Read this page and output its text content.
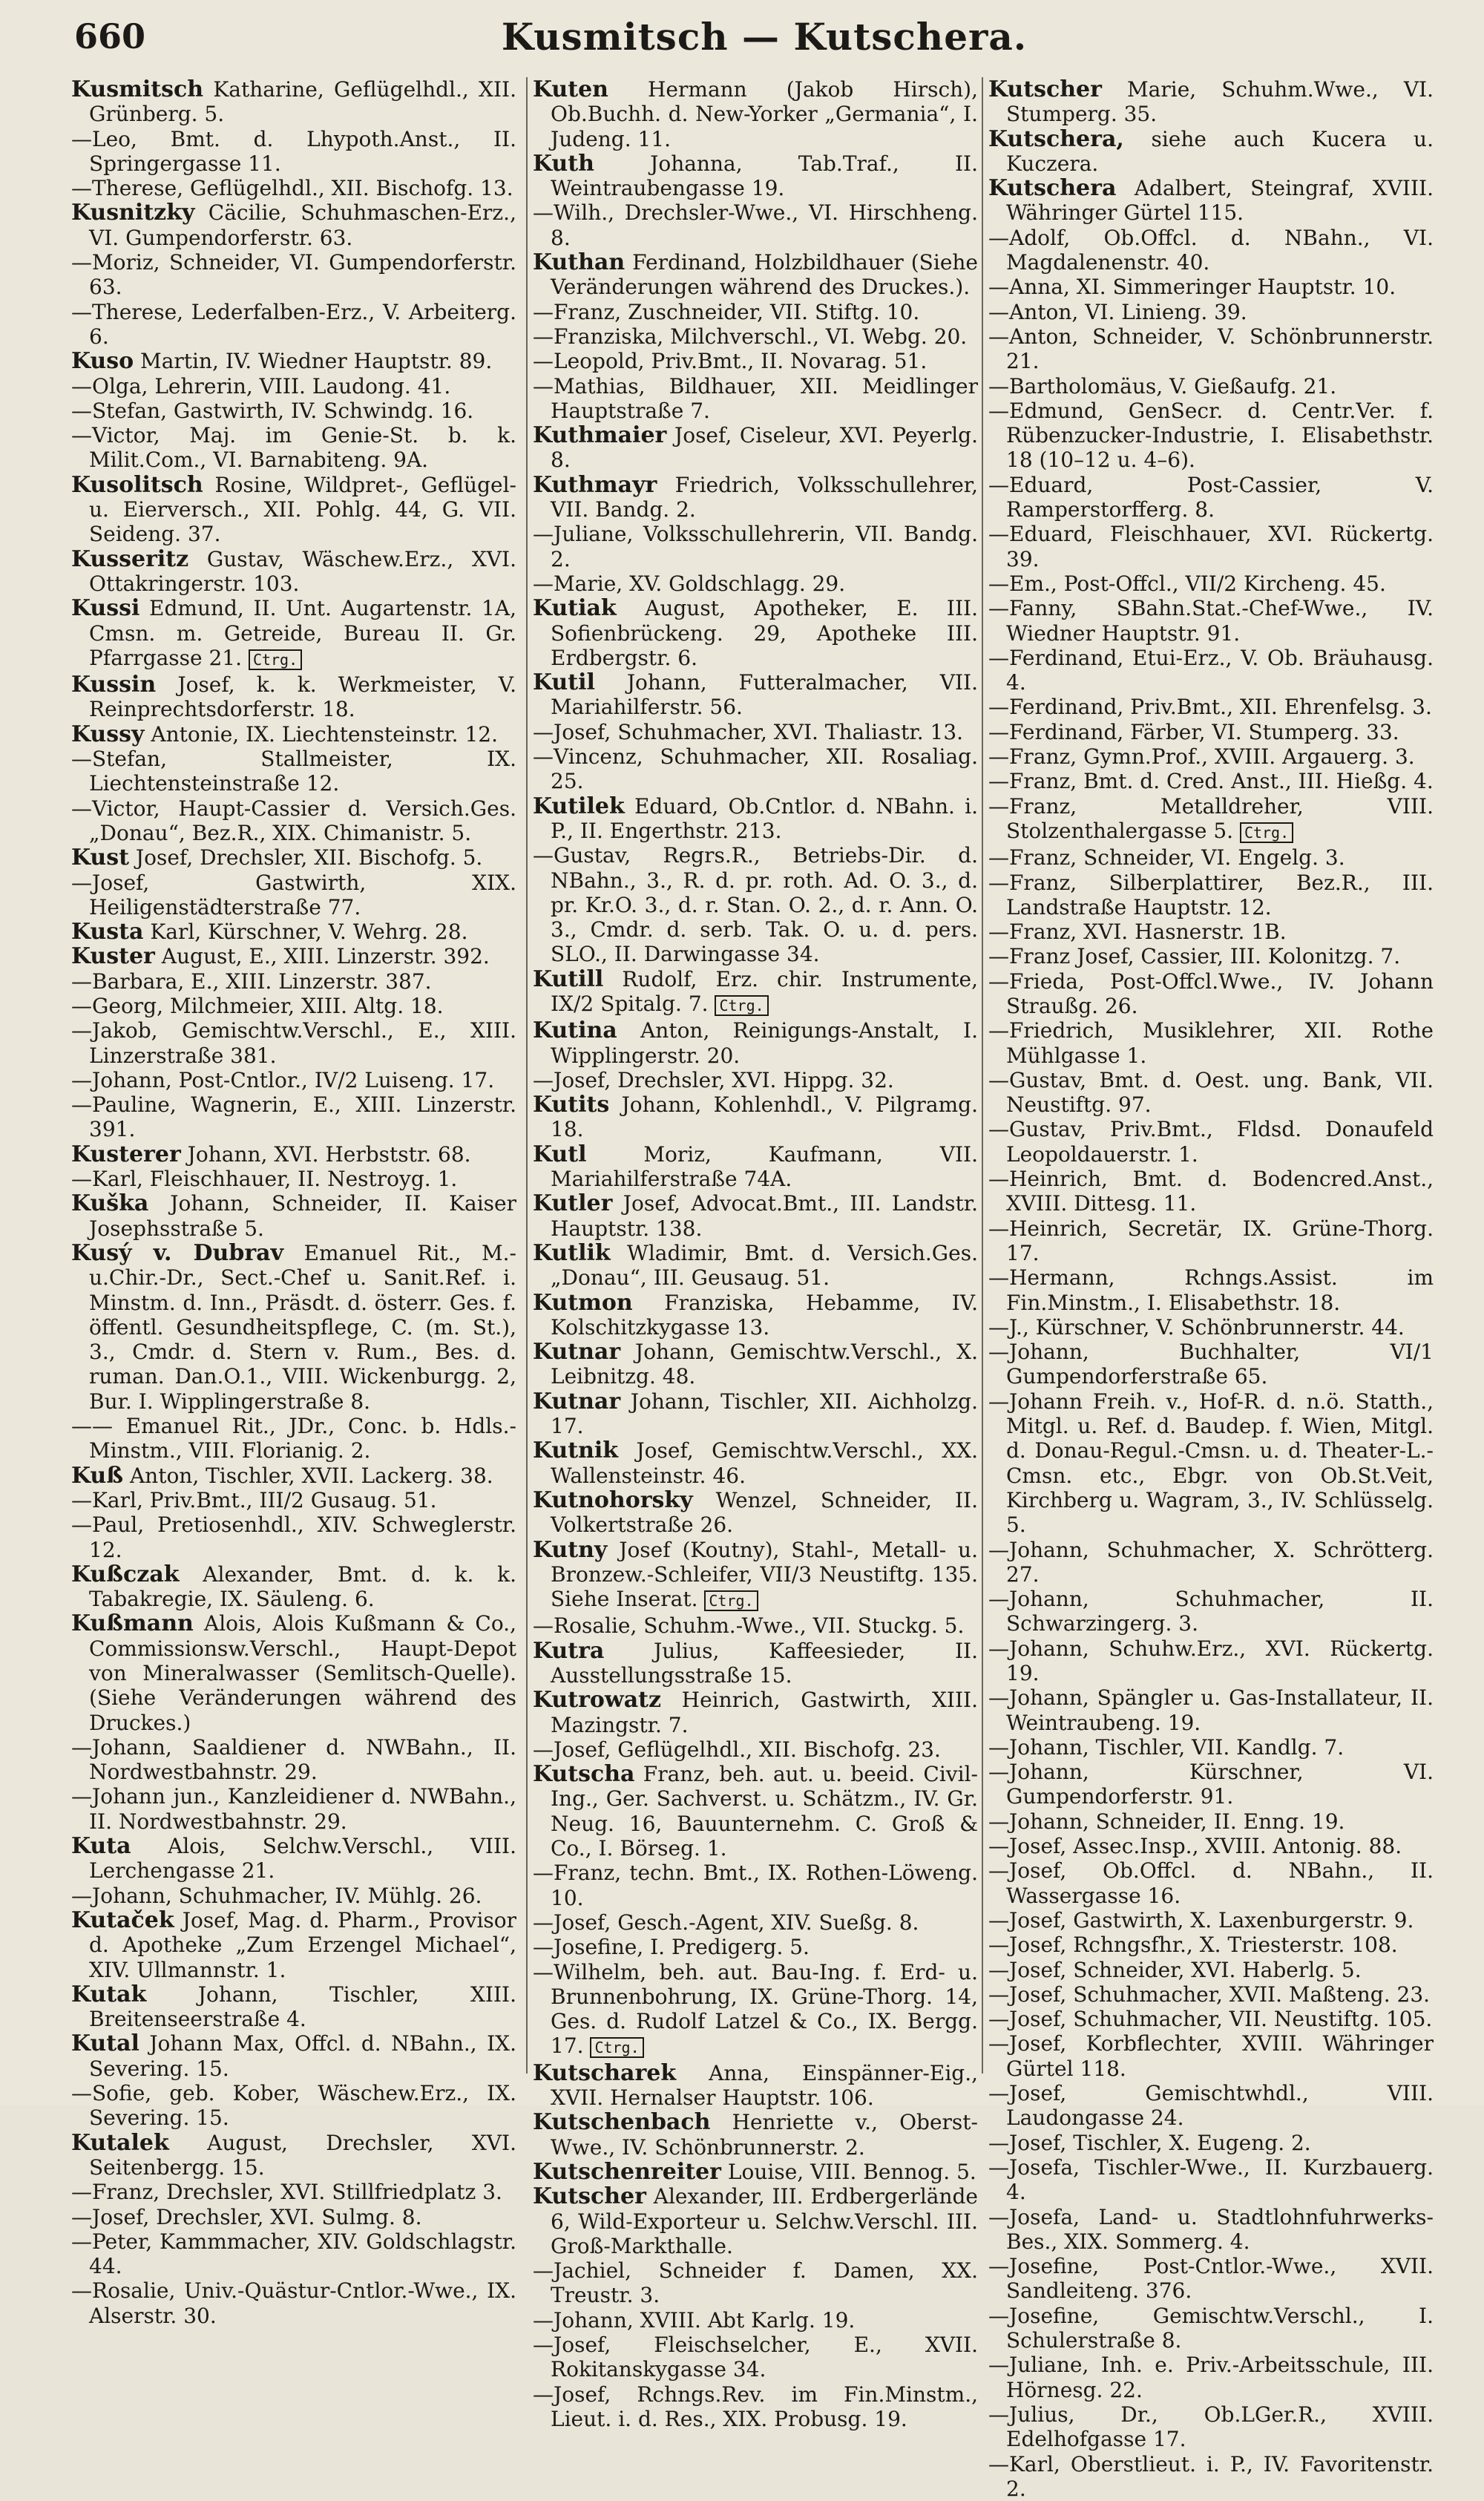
660	Kusmitsch — Kutschera.

Kusmitsch Katharine, Geflügelhdl., XII. Grünberg. 5.

— Leo, Bmt. d. Lhypoth.Anst., II. Springergasse 11.

— Therese, Geflügelhdl., XII. Bischofg. 13.

Kusnitzky Cäcilie, Schuhmaschen-Erz., VI. Gumpendorferstr. 63.

— Moriz, Schneider, VI. Gumpendorferstr. 63.

— Therese, Lederfalben-Erz., V. Arbeiterg. 6.

Kuso Martin, IV. Wiedner Hauptstr. 89.

— Olga, Lehrerin, VIII. Laudong. 41.

— Stefan, Gastwirth, IV. Schwindg. 16.

— Victor, Maj. im Genie-St. b. k. Milit.Com., VI. Barnabiteng. 9A.

Kusolitsch Rosine, Wildpret-, Geflügel- u. Eierversch., XII. Pohlg. 44, G. VII. Seideng. 37.

Kusseritz Gustav, Wäschew.Erz., XVI. Ottakringerstr. 103.

Kussi Edmund, II. Unt. Augartenstr. 1A, Cmsn. m. Getreide, Bureau II. Gr. Pfarrgasse 21. Ctrg.

Kussin Josef, k. k. Werkmeister, V. Reinprechtsdorferstr. 18.

Kussy Antonie, IX. Liechtensteinstr. 12.

— Stefan, Stallmeister, IX. Liechtensteinstraße 12.

— Victor, Haupt-Cassier d. Versich.Ges. „Donau“, Bez.R., XIX. Chimanistr. 5.

Kust Josef, Drechsler, XII. Bischofg. 5.

— Josef, Gastwirth, XIX. Heiligenstädterstraße 77.

Kusta Karl, Kürschner, V. Wehrg. 28.

Kuster August, E., XIII. Linzerstr. 392.

— Barbara, E., XIII. Linzerstr. 387.

— Georg, Milchmeier, XIII. Altg. 18.

— Jakob, Gemischtw.Verschl., E., XIII. Linzerstraße 381.

— Johann, Post-Cntlor., IV/2 Luiseng. 17.

— Pauline, Wagnerin, E., XIII. Linzerstr. 391.

Kusterer Johann, XVI. Herbststr. 68.

— Karl, Fleischhauer, II. Nestroyg. 1.

Kuška Johann, Schneider, II. Kaiser Josephsstraße 5.

Kusý v. Dubrav Emanuel Rit., M.-u.Chir.-Dr., Sect.-Chef u. Sanit.Ref. i. Minstm. d. Inn., Präsdt. d. österr. Ges. f. öffentl. Gesundheitspflege, C. (m. St.), 3., Cmdr. d. Stern v. Rum., Bes. d. ruman. Dan.O.1., VIII. Wickenburgg. 2, Bur. I. Wipplingerstraße 8.

— — Emanuel Rit., JDr., Conc. b. Hdls.-Minstm., VIII. Florianig. 2.

Kuß Anton, Tischler, XVII. Lackerg. 38.

— Karl, Priv.Bmt., III/2 Gusaug. 51.

— Paul, Pretiosenhdl., XIV. Schweglerstr. 12.

Kußczak Alexander, Bmt. d. k. k. Tabakregie, IX. Säuleng. 6.

Kußmann Alois, Alois Kußmann & Co., Commissionsw.Verschl., Haupt-Depot von Mineralwasser (Semlitsch-Quelle). (Siehe Veränderungen während des Druckes.)

— Johann, Saaldiener d. NWBahn., II. Nordwestbahnstr. 29.

— Johann jun., Kanzleidiener d. NWBahn., II. Nordwestbahnstr. 29.

Kuta Alois, Selchw.Verschl., VIII. Lerchengasse 21.

— Johann, Schuhmacher, IV. Mühlg. 26.

Kutaček Josef, Mag. d. Pharm., Provisor d. Apotheke „Zum Erzengel Michael“, XIV. Ullmannstr. 1.

Kutak Johann, Tischler, XIII. Breitenseerstraße 4.

Kutal Johann Max, Offcl. d. NBahn., IX. Severing. 15.

— Sofie, geb. Kober, Wäschew.Erz., IX. Severing. 15.

Kutalek August, Drechsler, XVI. Seitenbergg. 15.

— Franz, Drechsler, XVI. Stillfriedplatz 3.

— Josef, Drechsler, XVI. Sulmg. 8.

— Peter, Kammmacher, XIV. Goldschlagstr. 44.

— Rosalie, Univ.-Quästur-Cntlor.-Wwe., IX. Alserstr. 30.

Kuten Hermann (Jakob Hirsch), Ob.Buchh. d. New-Yorker „Germania“, I. Judeng. 11.

Kuth	Johanna, Tab.Traf., II. Weintraubengasse 19.

— Wilh., Drechsler-Wwe., VI. Hirschheng. 8.

Kuthan Ferdinand, Holzbildhauer (Siehe Veränderungen während des Druckes.).

— Franz, Zuschneider, VII. Stiftg. 10.

— Franziska, Milchverschl., VI. Webg. 20.

— Leopold, Priv.Bmt., II. Novarag. 51.

— Mathias, Bildhauer, XII. Meidlinger Hauptstraße 7.

Kuthmaier Josef, Ciseleur, XVI. Peyerlg. 8.

Kuthmayr Friedrich, Volksschullehrer, VII. Bandg. 2.

— Juliane, Volksschullehrerin, VII. Bandg. 2.

— Marie, XV. Goldschlagg. 29.

Kutiak August, Apotheker, E. III. Sofienbrückeng. 29, Apotheke III. Erdbergstr. 6.

Kutil Johann, Futteralmacher, VII. Mariahilferstr. 56.

— Josef, Schuhmacher, XVI. Thaliastr. 13.

— Vincenz, Schuhmacher, XII. Rosaliag. 25.

Kutilek Eduard, Ob.Cntlor. d. NBahn. i. P., II. Engerthstr. 213.

— Gustav, Regrs.R., Betriebs-Dir. d. NBahn., 3., R. d. pr. roth. Ad. O. 3., d. pr. Kr.O. 3., d. r. Stan. O. 2., d. r. Ann. O. 3., Cmdr. d. serb. Tak. O. u. d. pers. SLO., II. Darwingasse 34.

Kutill Rudolf, Erz. chir. Instrumente, IX/2 Spitalg. 7. Ctrg.

Kutina Anton, Reinigungs-Anstalt, I. Wipplingerstr. 20.

— Josef, Drechsler, XVI. Hippg. 32.

Kutits Johann, Kohlenhdl., V. Pilgramg. 18.

Kutl	Moriz, Kaufmann, VII. Mariahilferstraße 74A.

Kutler Josef, Advocat.Bmt., III. Landstr. Hauptstr. 138.

Kutlik Wladimir, Bmt. d. Versich.Ges. „Donau“, III. Geusaug. 51.

Kutmon Franziska, Hebamme, IV. Kolschitzkygasse 13.

Kutnar Johann, Gemischtw.Verschl., X. Leibnitzg. 48.

Kutnar Johann, Tischler, XII. Aichholzg. 17.

Kutnik Josef, Gemischtw.Verschl., XX. Wallensteinstr. 46.

Kutnohorsky Wenzel, Schneider, II. Volkertstraße 26.

Kutny Josef (Koutny), Stahl-, Metall- u. Bronzew.-Schleifer, VII/3 Neustiftg. 135. Siehe Inserat. Ctrg.

— Rosalie, Schuhm.-Wwe., VII. Stuckg. 5.

Kutra Julius, Kaffeesieder, II. Ausstellungsstraße 15.

Kutrowatz Heinrich, Gastwirth, XIII. Mazingstr. 7.

— Josef, Geflügelhdl., XII. Bischofg. 23.

Kutscha Franz, beh. aut. u. beeid. Civil-Ing., Ger. Sachverst. u. Schätzm., IV. Gr. Neug. 16, Bauunternehm. C. Groß & Co., I. Börseg. 1.

— Franz, techn. Bmt., IX. Rothen-Löweng. 10.

— Josef, Gesch.-Agent, XIV. Sueßg. 8.

— Josefine, I. Predigerg. 5.

— Wilhelm, beh. aut. Bau-Ing. f. Erd- u. Brunnenbohrung, IX. Grüne-Thorg. 14, Ges. d. Rudolf Latzel & Co., IX. Bergg. 17. Ctrg.

Kutscharek Anna, Einspänner-Eig., XVII. Hernalser Hauptstr. 106.

Kutschenbach Henriette v., Oberst-Wwe., IV. Schönbrunnerstr. 2.

Kutschenreiter Louise, VIII. Bennog. 5.

Kutscher Alexander, III. Erdbergerlände 6, Wild-Exporteur u. Selchw.Verschl. III. Groß-Markthalle.

— Jachiel, Schneider f. Damen, XX. Treustr. 3.

— Johann, XVIII. Abt Karlg. 19.

— Josef, Fleischselcher, E., XVII. Rokitanskygasse 34.

— Josef, Rchngs.Rev. im Fin.Minstm., Lieut. i. d. Res., XIX. Probusg. 19.

Kutscher Marie, Schuhm.Wwe., VI. Stumperg. 35.

Kutschera, siehe auch Kucera u. Kuczera.

Kutschera Adalbert, Steingraf, XVIII. Währinger Gürtel 115.

— Adolf, Ob.Offcl. d. NBahn., VI. Magdalenenstr. 40.

— Anna, XI. Simmeringer Hauptstr. 10.

— Anton, VI. Linieng. 39.

— Anton, Schneider, V. Schönbrunnerstr. 21.

— Bartholomäus, V. Gießaufg. 21.

— Edmund, GenSecr. d. Centr.Ver. f. Rübenzucker-Industrie, I. Elisabethstr. 18 (10–12 u. 4–6).

— Eduard, Post-Cassier, V. Ramperstorfferg. 8.

— Eduard, Fleischhauer, XVI. Rückertg. 39.

— Em., Post-Offcl., VII/2 Kircheng. 45.

— Fanny, SBahn.Stat.-Chef-Wwe., IV. Wiedner Hauptstr. 91.

— Ferdinand, Etui-Erz., V. Ob. Bräuhausg. 4.

— Ferdinand, Priv.Bmt., XII. Ehrenfelsg. 3.

— Ferdinand, Färber, VI. Stumperg. 33.

— Franz, Gymn.Prof., XVIII. Argauerg. 3.

— Franz, Bmt. d. Cred. Anst., III. Hießg. 4.

— Franz, Metalldreher, VIII. Stolzenthalergasse 5. Ctrg.

— Franz, Schneider, VI. Engelg. 3.

— Franz, Silberplattirer, Bez.R., III. Landstraße Hauptstr. 12.

— Franz, XVI. Hasnerstr. 1B.

— Franz Josef, Cassier, III. Kolonitzg. 7.

— Frieda, Post-Offcl.Wwe., IV. Johann Straußg. 26.

— Friedrich, Musiklehrer, XII. Rothe Mühlgasse 1.

— Gustav, Bmt. d. Oest. ung. Bank, VII. Neustiftg. 97.

— Gustav, Priv.Bmt., Fldsd. Donaufeld Leopoldauerstr. 1.

— Heinrich, Bmt. d. Bodencred.Anst., XVIII. Dittesg. 11.

— Heinrich, Secretär, IX. Grüne-Thorg. 17.

— Hermann, Rchngs.Assist. im Fin.Minstm., I. Elisabethstr. 18.

— J., Kürschner, V. Schönbrunnerstr. 44.

— Johann, Buchhalter, VI/1 Gumpendorferstraße 65.

— Johann Freih. v., Hof-R. d. n.ö. Statth., Mitgl. u. Ref. d. Baudep. f. Wien, Mitgl. d. Donau-Regul.-Cmsn. u. d. Theater-L.-Cmsn. etc., Ebgr. von Ob.St.Veit, Kirchberg u. Wagram, 3., IV. Schlüsselg. 5.

— Johann, Schuhmacher, X. Schrötterg. 27.

— Johann, Schuhmacher, II. Schwarzingerg. 3.

— Johann, Schuhw.Erz., XVI. Rückertg. 19.

— Johann, Spängler u. Gas-Installateur, II. Weintraubeng. 19.

— Johann, Tischler, VII. Kandlg. 7.

— Johann, Kürschner, VI. Gumpendorferstr. 91.

— Johann, Schneider, II. Enng. 19.

— Josef, Assec.Insp., XVIII. Antonig. 88.

— Josef, Ob.Offcl. d. NBahn., II. Wassergasse 16.

— Josef, Gastwirth, X. Laxenburgerstr. 9.

— Josef, Rchngsfhr., X. Triesterstr. 108.

— Josef, Schneider, XVI. Haberlg. 5.

— Josef, Schuhmacher, XVII. Maßteng. 23.

— Josef, Schuhmacher, VII. Neustiftg. 105.

— Josef, Korbflechter, XVIII. Währinger Gürtel 118.

— Josef, Gemischtwhdl., VIII. Laudongasse 24.

— Josef, Tischler, X. Eugeng. 2.

— Josefa, Tischler-Wwe., II. Kurzbauerg. 4.

— Josefa, Land- u. Stadtlohnfuhrwerks-Bes., XIX. Sommerg. 4.

— Josefine, Post-Cntlor.-Wwe., XVII. Sandleiteng. 376.

— Josefine, Gemischtw.Verschl., I. Schulerstraße 8.

— Juliane, Inh. e. Priv.-Arbeitsschule, III. Hörnesg. 22.

— Julius, Dr., Ob.LGer.R., XVIII. Edelhofgasse 17.

— Karl, Oberstlieut. i. P., IV. Favoritenstr. 2.
